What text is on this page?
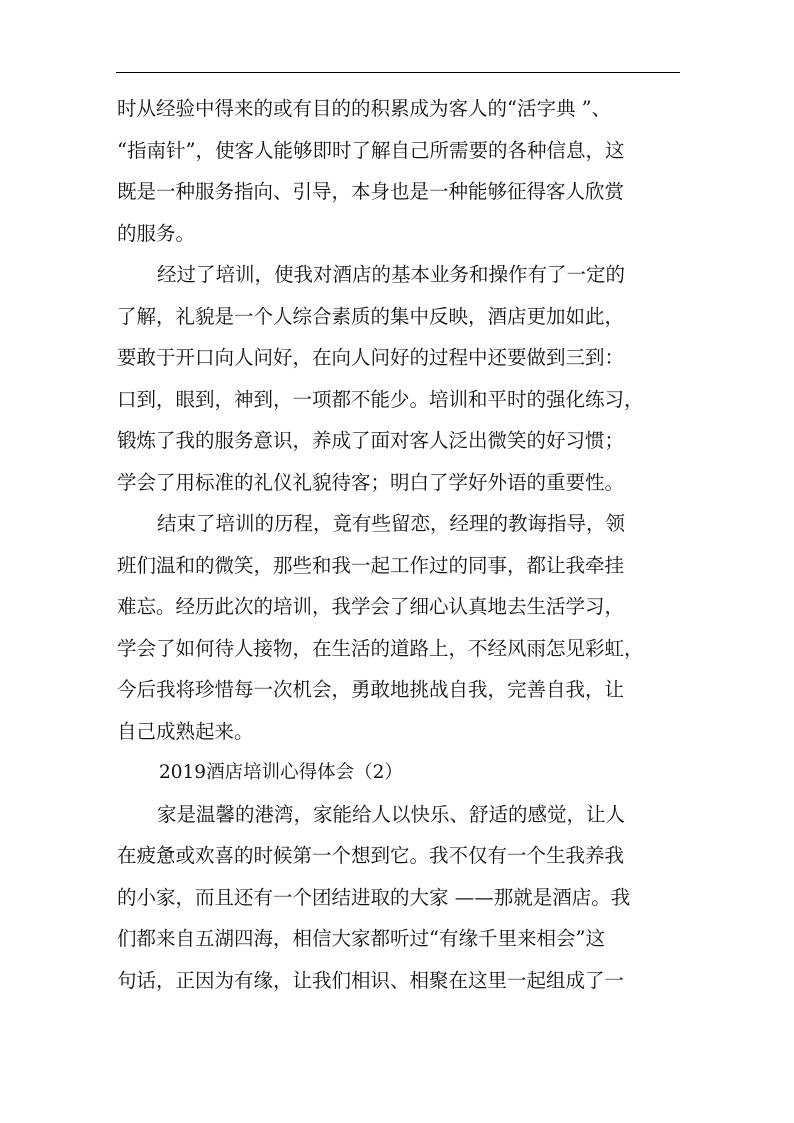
时从经验中得来的或有目的的积累成为客人的“活字典 ”、
“指南针”，使客人能够即时了解自己所需要的各种信息，这
既是一种服务指向、引导，本身也是一种能够征得客人欣赏
的服务。
经过了培训，使我对酒店的基本业务和操作有了一定的
了解，礼貌是一个人综合素质的集中反映，酒店更加如此，
要敢于开口向人问好，在向人问好的过程中还要做到三到：
口到，眼到，神到，一项都不能少。培训和平时的强化练习，
锻炼了我的服务意识，养成了面对客人泛出微笑的好习惯；
学会了用标准的礼仪礼貌待客；明白了学好外语的重要性。
结束了培训的历程，竟有些留恋，经理的教诲指导，领
班们温和的微笑，那些和我一起工作过的同事，都让我牵挂
难忘。经历此次的培训，我学会了细心认真地去生活学习，
学会了如何待人接物，在生活的道路上，不经风雨怎见彩虹，
今后我将珍惜每一次机会，勇敢地挑战自我，完善自我，让
自己成熟起来。
2019酒店培训心得体会（2）
家是温馨的港湾，家能给人以快乐、舒适的感觉，让人
在疲惫或欢喜的时候第一个想到它。我不仅有一个生我养我
的小家，而且还有一个团结进取的大家 ——那就是酒店。我
们都来自五湖四海，相信大家都听过“有缘千里来相会”这
句话，正因为有缘，让我们相识、相聚在这里一起组成了一
